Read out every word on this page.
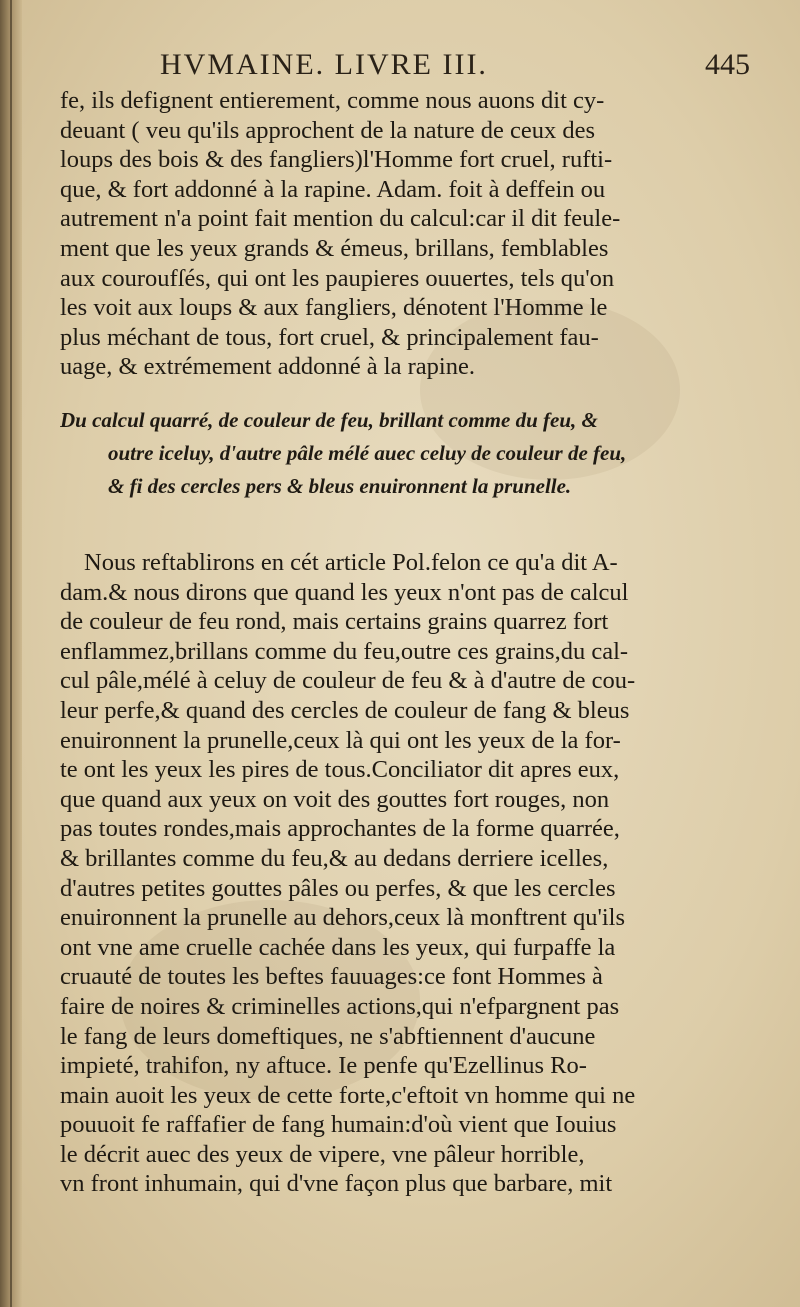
HVMAINE. LIVRE III.	445
fe, ils defignent entierement, comme nous auons dit cy-
deuant ( veu qu'ils approchent de la nature de ceux des
loups des bois & des fangliers)l'Homme fort cruel, rufti-
que, & fort addonné à la rapine. Adam. foit à deffein ou
autrement n'a point fait mention du calcul:car il dit feule-
ment que les yeux grands & émeus, brillans, femblables
aux couroufſés, qui ont les paupieres ouuertes, tels qu'on
les voit aux loups & aux fangliers, dénotent l'Homme le
plus méchant de tous, fort cruel, & principalement fau-
uage, & extrémement addonné à la rapine.
Du calcul quarré, de couleur de feu, brillant comme du feu, &
outre iceluy, d'autre pâle mélé auec celuy de couleur de feu,
& fi des cercles pers & bleus enuironnent la prunelle.
Nous reftablirons en cét article Pol.felon ce qu'a dit A-
dam.& nous dirons que quand les yeux n'ont pas de calcul
de couleur de feu rond, mais certains grains quarrez fort
enflammez,brillans comme du feu,outre ces grains,du cal-
cul pâle,mélé à celuy de couleur de feu & à d'autre de cou-
leur perfe,& quand des cercles de couleur de fang & bleus
enuironnent la prunelle,ceux là qui ont les yeux de la for-
te ont les yeux les pires de tous.Conciliator dit apres eux,
que quand aux yeux on voit des gouttes fort rouges, non
pas toutes rondes,mais approchantes de la forme quarrée,
& brillantes comme du feu,& au dedans derriere icelles,
d'autres petites gouttes pâles ou perfes, & que les cercles
enuironnent la prunelle au dehors,ceux là monftrent qu'ils
ont vne ame cruelle cachée dans les yeux, qui furpaffe la
cruauté de toutes les beftes fauuages:ce font Hommes à
faire de noires & criminelles actions,qui n'efpargnent pas
le fang de leurs domeftiques, ne s'abftiennent d'aucune
impieté, trahifon, ny aftuce. Ie penfe qu'Ezellinus Ro-
main auoit les yeux de cette forte,c'eftoit vn homme qui ne
pouuoit fe raffafier de fang humain:d'où vient que Iouius
le décrit auec des yeux de vipere, vne pâleur horrible,
vn front inhumain, qui d'vne façon plus que barbare, mit
